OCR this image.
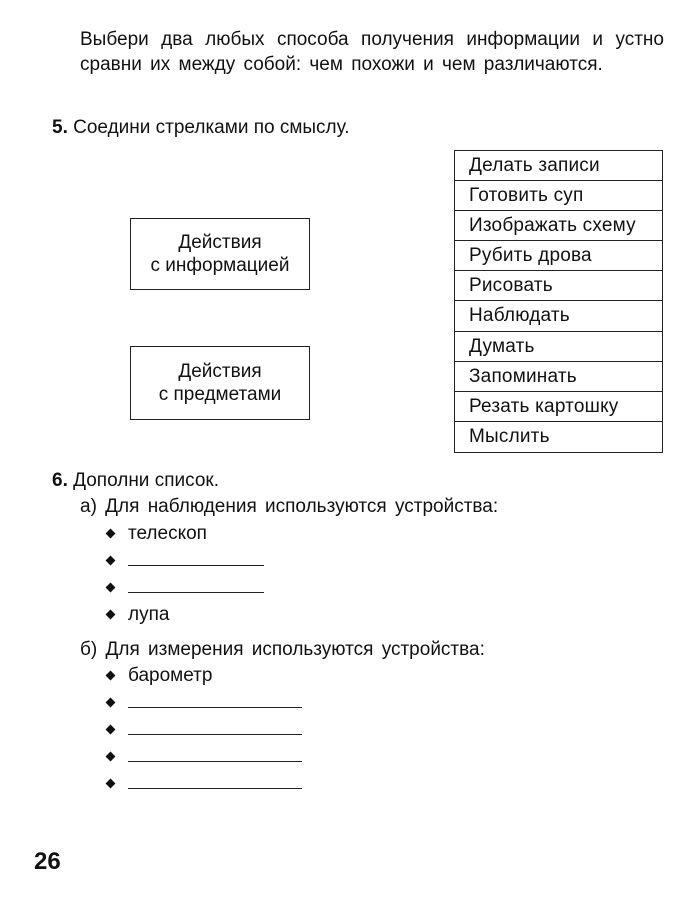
Выбери два любых способа получения информации и устно сравни их между собой: чем похожи и чем различаются.

5. Соедини стрелками по смыслу.
Действия
с информацией
Действия
с предметами
Делать записи
Готовить суп
Изображать схему
Рубить дрова
Рисовать
Наблюдать
Думать
Запоминать
Резать картошку
Мыслить
6. Дополни список.

а) Для наблюдения используются устройства:

телескоп
лупа

б) Для измерения используются устройства:

барометр

26
